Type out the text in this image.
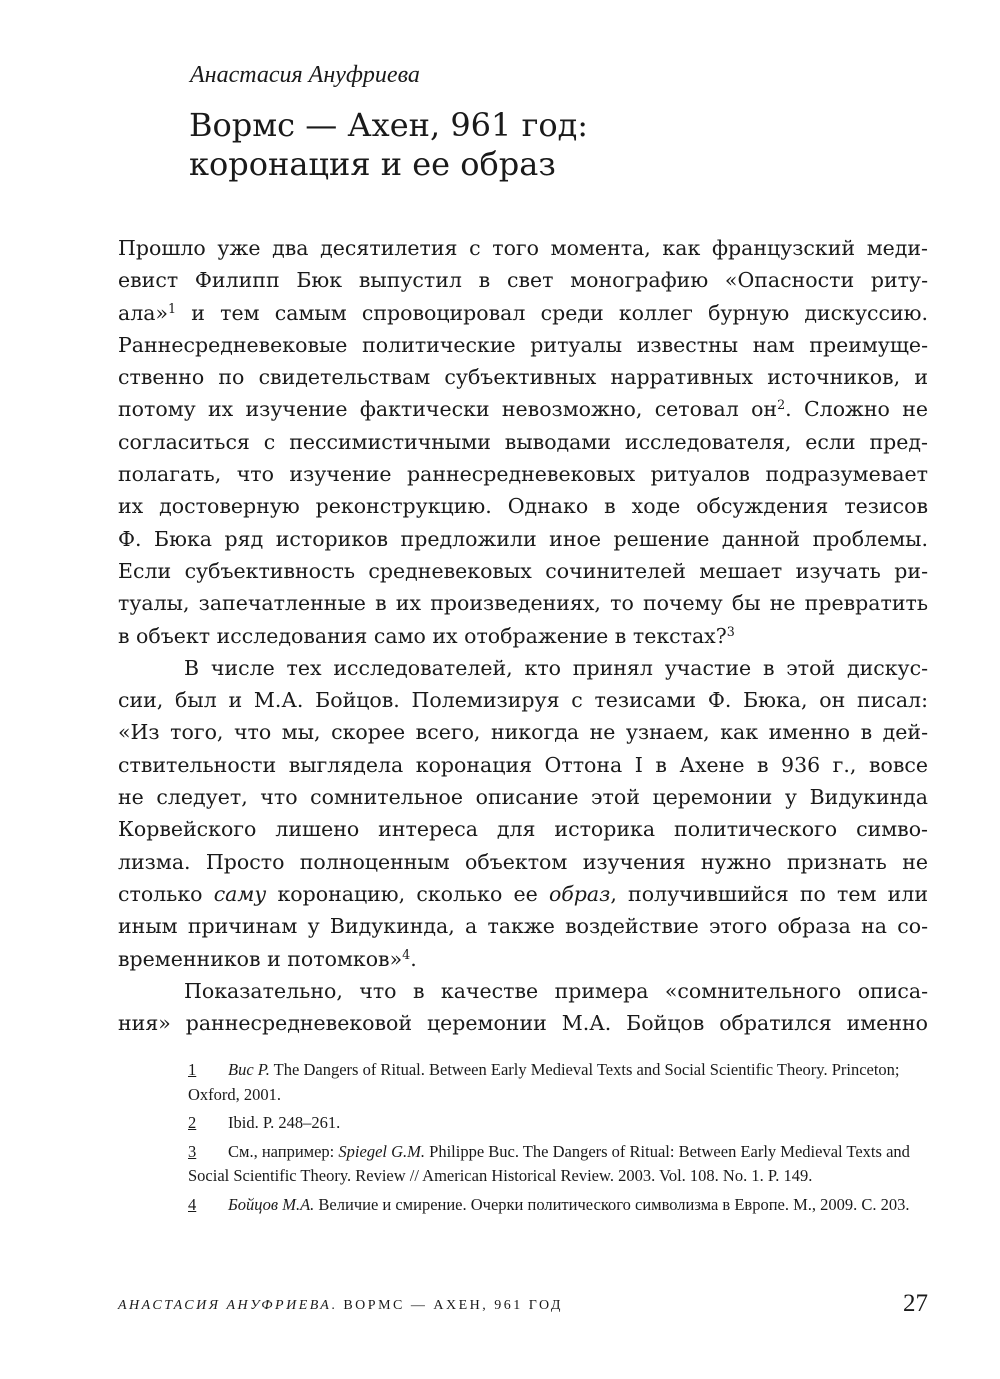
Анастасия Ануфриева
Вормс — Ахен, 961 год:
коронация и ее образ

Прошло уже два десятилетия с того момента, как французский меди-
евист Филипп Бюк выпустил в свет монографию «Опасности риту-
ала»$^1$ и тем самым спровоцировал среди коллег бурную дискуссию.
Раннесредневековые политические ритуалы известны нам преимуще-
ственно по свидетельствам субъективных нарративных источников, и
потому их изучение фактически невозможно, сетовал $он^2$. Сложно не
согласиться с пессимистичными выводами исследователя, если пред-
полагать, что изучение раннесредневековых ритуалов подразумевает
их достоверную реконструкцию. Однако в ходе обсуждения тезисов
Ф. Бюка ряд историков предложили иное решение данной проблемы.
Если субъективность средневековых сочинителей мешает изучать ри-
туалы, запечатленные в их произведениях, то почему бы не превратить
в объект исследования само их отображение в текстах?$^3$

В числе тех исследователей, кто принял участие в этой дискус-
сии, был и М.А. Бойцов. Полемизируя с тезисами Ф. Бюка, он писал:
«Из того, что мы, скорее всего, никогда не узнаем, как именно в дей-
ствительности выглядела коронация Оттона I в Ахене в 936 г., вовсе
не следует, что сомнительное описание этой церемонии у Видукинда
Корвейского лишено интереса для историка политического симво-
лизма. Просто полноценным объектом изучения нужно признать не
столько саму коронацию, сколько ее образ, получившийся по тем или
иным причинам у Видукинда, а также воздействие этого образа на со-
временников и потомков»$^4$.

Показательно, что в качестве примера «сомнительного описа-
ния» раннесредневековой церемонии М.А. Бойцов обратился именно

1 Buc P. The Dangers of Ritual. Between Early Medieval Texts and Social Scientific Theory. Princeton; Oxford, 2001.

2 Ibid. P. 248–261.

3 См., например: Spiegel G.M. Philippe Buc. The Dangers of Ritual: Between Early Medieval Texts and Social Scientific Theory. Review // American Historical Review. 2003. Vol. 108. No. 1. P. 149.

4 Бойцов М.А. Величие и смирение. Очерки политического символизма в Европе. М., 2009. С. 203.

АНАСТАСИЯ АНУФРИЕВА. ВОРМС — АХЕН, 961 ГОД	27
